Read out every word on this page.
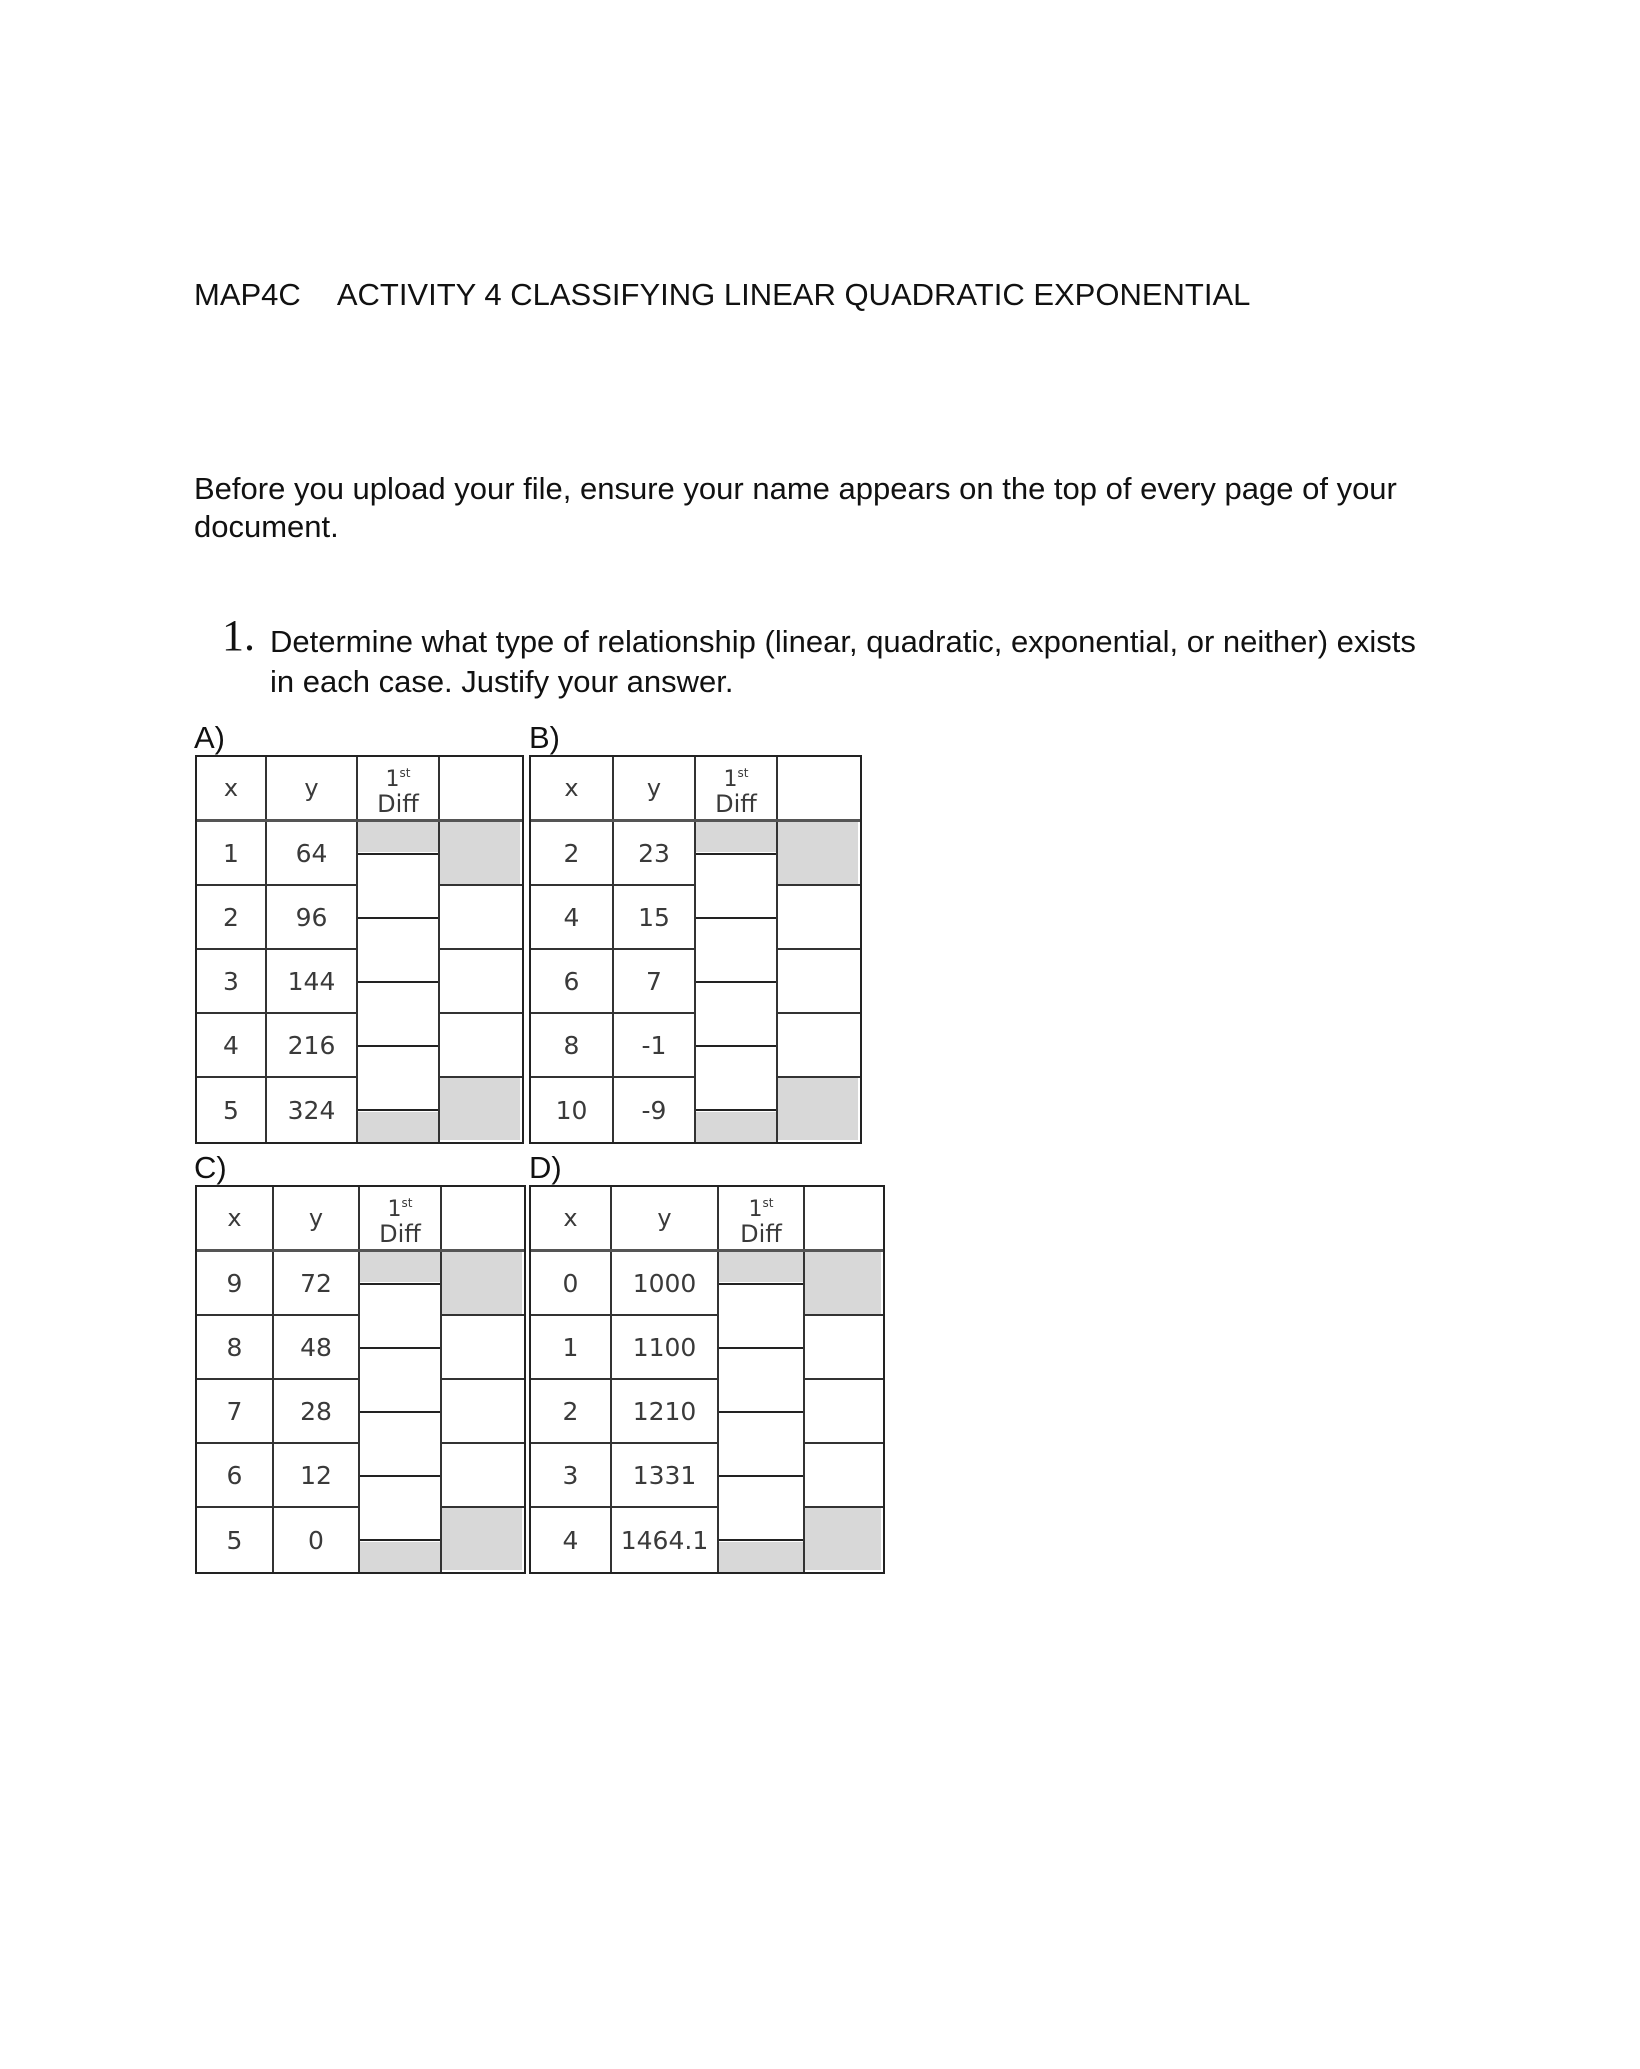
MAP4C ACTIVITY 4 CLASSIFYING LINEAR QUADRATIC EXPONENTIAL
Before you upload your file, ensure your name appears on the top of every page of your document.
1. Determine what type of relationship (linear, quadratic, exponential, or neither) exists in each case. Justify your answer.
A)
x	y	1st
Diff
1	64
2	96
3	144
4	216
5	324
B)
x	y	1st
Diff
2	23
4	15
6	7
8	-1
10	-9
C)
x	y	1st
Diff
9	72
8	48
7	28
6	12
5	0
D)
x	y	1st
Diff
0	1000
1	1100
2	1210
3	1331
4	1464.1
